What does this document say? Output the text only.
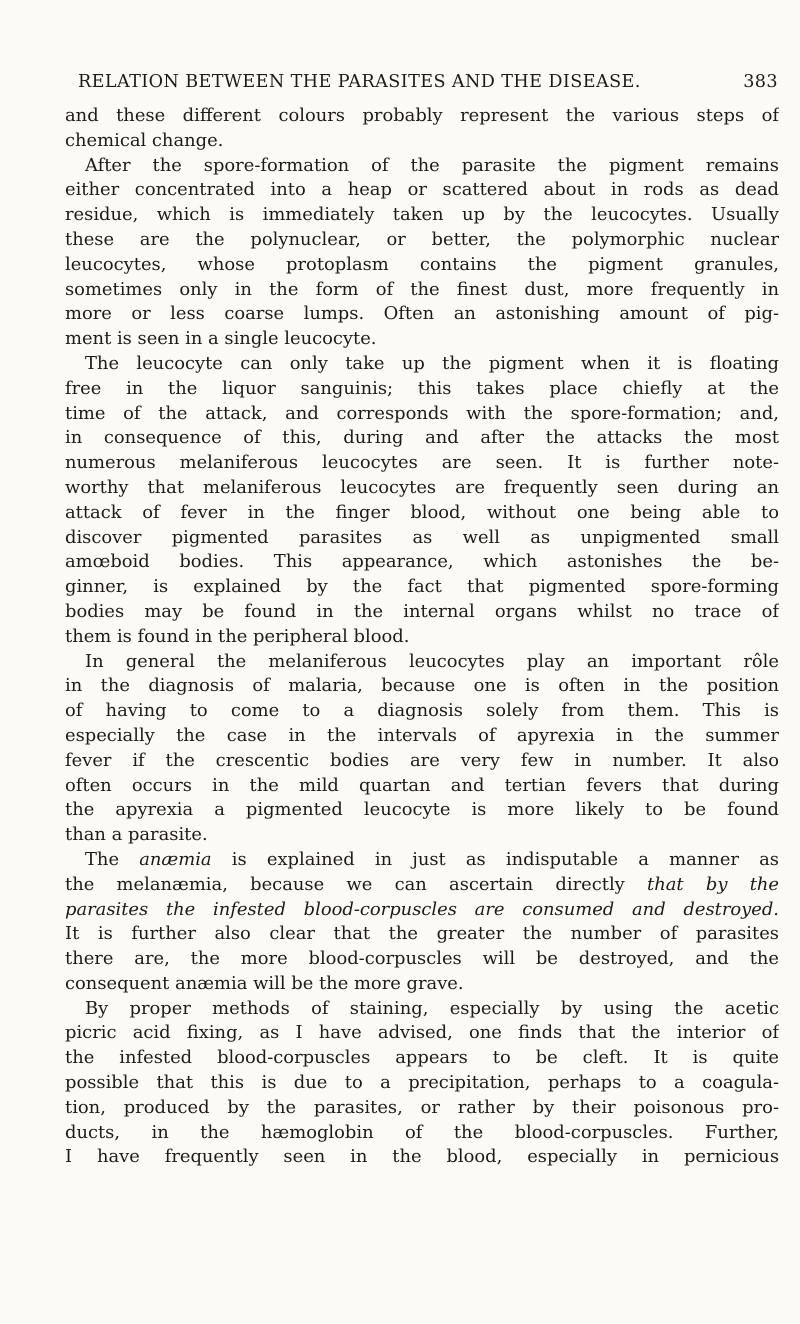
RELATION BETWEEN THE PARASITES AND THE DISEASE.	383
and these different colours probably represent the various steps of
chemical change.
After the spore-formation of the parasite the pigment remains
either concentrated into a heap or scattered about in rods as dead
residue, which is immediately taken up by the leucocytes. Usually
these are the polynuclear, or better, the polymorphic nuclear
leucocytes, whose protoplasm contains the pigment granules,
sometimes only in the form of the finest dust, more frequently in
more or less coarse lumps. Often an astonishing amount of pig-
ment is seen in a single leucocyte.
The leucocyte can only take up the pigment when it is floating
free in the liquor sanguinis; this takes place chiefly at the
time of the attack, and corresponds with the spore-formation; and,
in consequence of this, during and after the attacks the most
numerous melaniferous leucocytes are seen. It is further note-
worthy that melaniferous leucocytes are frequently seen during an
attack of fever in the finger blood, without one being able to
discover pigmented parasites as well as unpigmented small
amœboid bodies. This appearance, which astonishes the be-
ginner, is explained by the fact that pigmented spore-forming
bodies may be found in the internal organs whilst no trace of
them is found in the peripheral blood.
In general the melaniferous leucocytes play an important rôle
in the diagnosis of malaria, because one is often in the position
of having to come to a diagnosis solely from them. This is
especially the case in the intervals of apyrexia in the summer
fever if the crescentic bodies are very few in number. It also
often occurs in the mild quartan and tertian fevers that during
the apyrexia a pigmented leucocyte is more likely to be found
than a parasite.
The anæmia is explained in just as indisputable a manner as
the melanæmia, because we can ascertain directly that by the
parasites the infested blood-corpuscles are consumed and destroyed.
It is further also clear that the greater the number of parasites
there are, the more blood-corpuscles will be destroyed, and the
consequent anæmia will be the more grave.
By proper methods of staining, especially by using the acetic
picric acid fixing, as I have advised, one finds that the interior of
the infested blood-corpuscles appears to be cleft. It is quite
possible that this is due to a precipitation, perhaps to a coagula-
tion, produced by the parasites, or rather by their poisonous pro-
ducts, in the hæmoglobin of the blood-corpuscles. Further,
I have frequently seen in the blood, especially in pernicious
